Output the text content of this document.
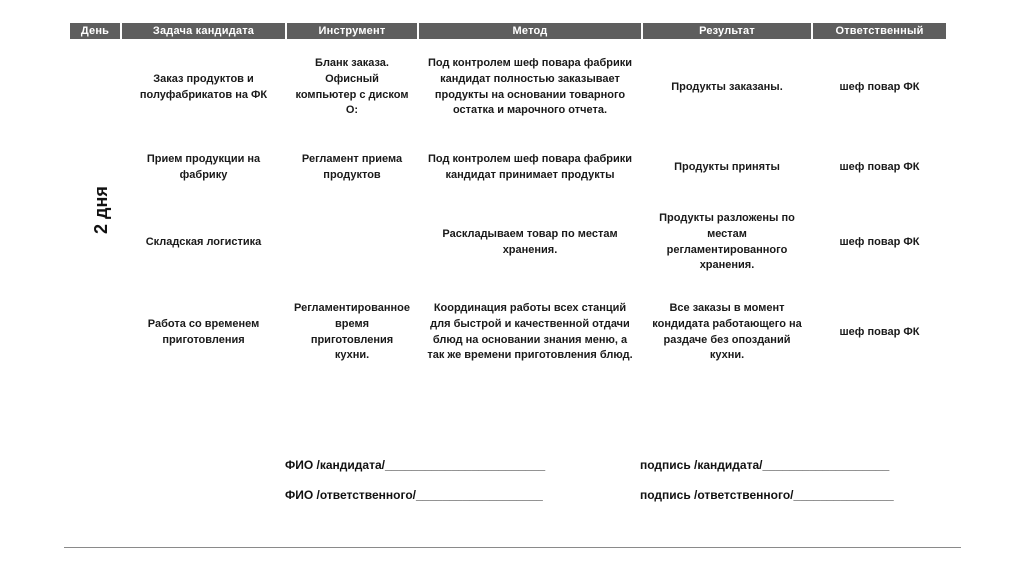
День	Задача кандидата	Инструмент	Метод	Результат	Ответственный
2 дня	Заказ продуктов и полуфабрикатов на ФК	Бланк заказа. Офисный компьютер с диском О:	Под контролем шеф повара фабрики кандидат полностью заказывает продукты на основании товарного остатка и марочного отчета.	Продукты заказаны.	шеф повар ФК
	Прием продукции на фабрику	Регламент приема продуктов	Под контролем шеф повара фабрики кандидат принимает продукты	Продукты приняты	шеф повар ФК
	Складская логистика		Раскладываем товар по местам хранения.	Продукты разложены по местам регламентированного хранения.	шеф повар ФК
	Работа со временем приготовления	Регламентированное время приготовления кухни.	Координация работы всех станций для быстрой и качественной отдачи блюд на основании знания меню, а так же времени приготовления блюд.	Все заказы в момент кондидата работающего на раздаче без опозданий кухни.	шеф повар ФК
ФИО /кандидата/________________________	подпись /кандидата/___________________
ФИО /ответственного/___________________	подпись /ответственного/_______________
